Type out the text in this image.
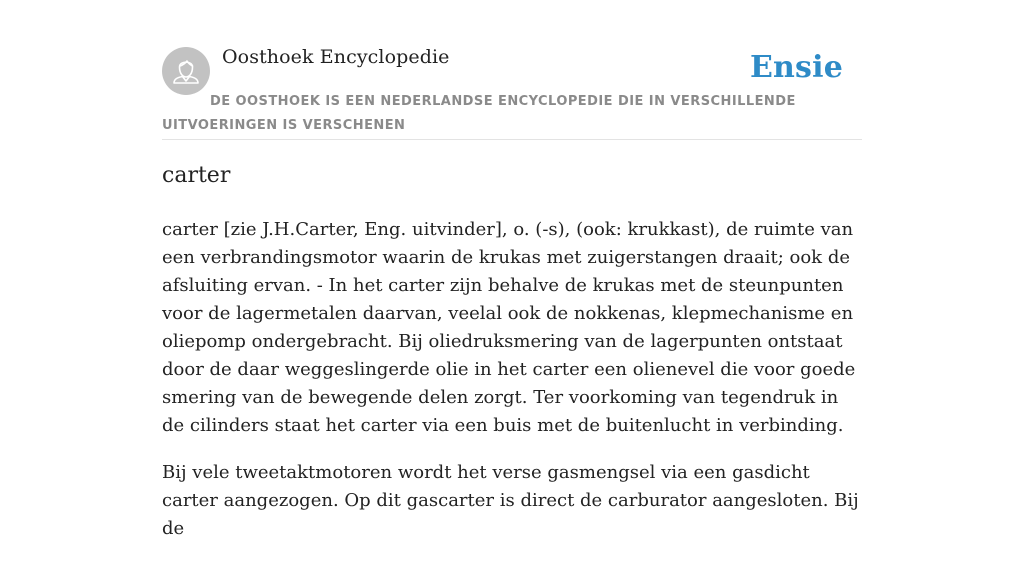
Oosthoek Encyclopedie	Ensie
DE OOSTHOEK IS EEN NEDERLANDSE ENCYCLOPEDIE DIE IN VERSCHILLENDE UITVOERINGEN IS VERSCHENEN
carter

carter [zie J.H.Carter, Eng. uitvinder], o. (-s), (ook: krukkast), de ruimte van een verbrandingsmotor waarin de krukas met zuigerstangen draait; ook de afsluiting ervan. - In het carter zijn behalve de krukas met de steunpunten voor de lagermetalen daarvan, veelal ook de nokkenas, klepmechanisme en oliepomp ondergebracht. Bij oliedruksmering van de lagerpunten ontstaat door de daar weggeslingerde olie in het carter een olienevel die voor goede smering van de bewegende delen zorgt. Ter voorkoming van tegendruk in de cilinders staat het carter via een buis met de buitenlucht in verbinding.

Bij vele tweetaktmotoren wordt het verse gasmengsel via een gasdicht carter aangezogen. Op dit gascarter is direct de carburator aangesloten. Bij de
